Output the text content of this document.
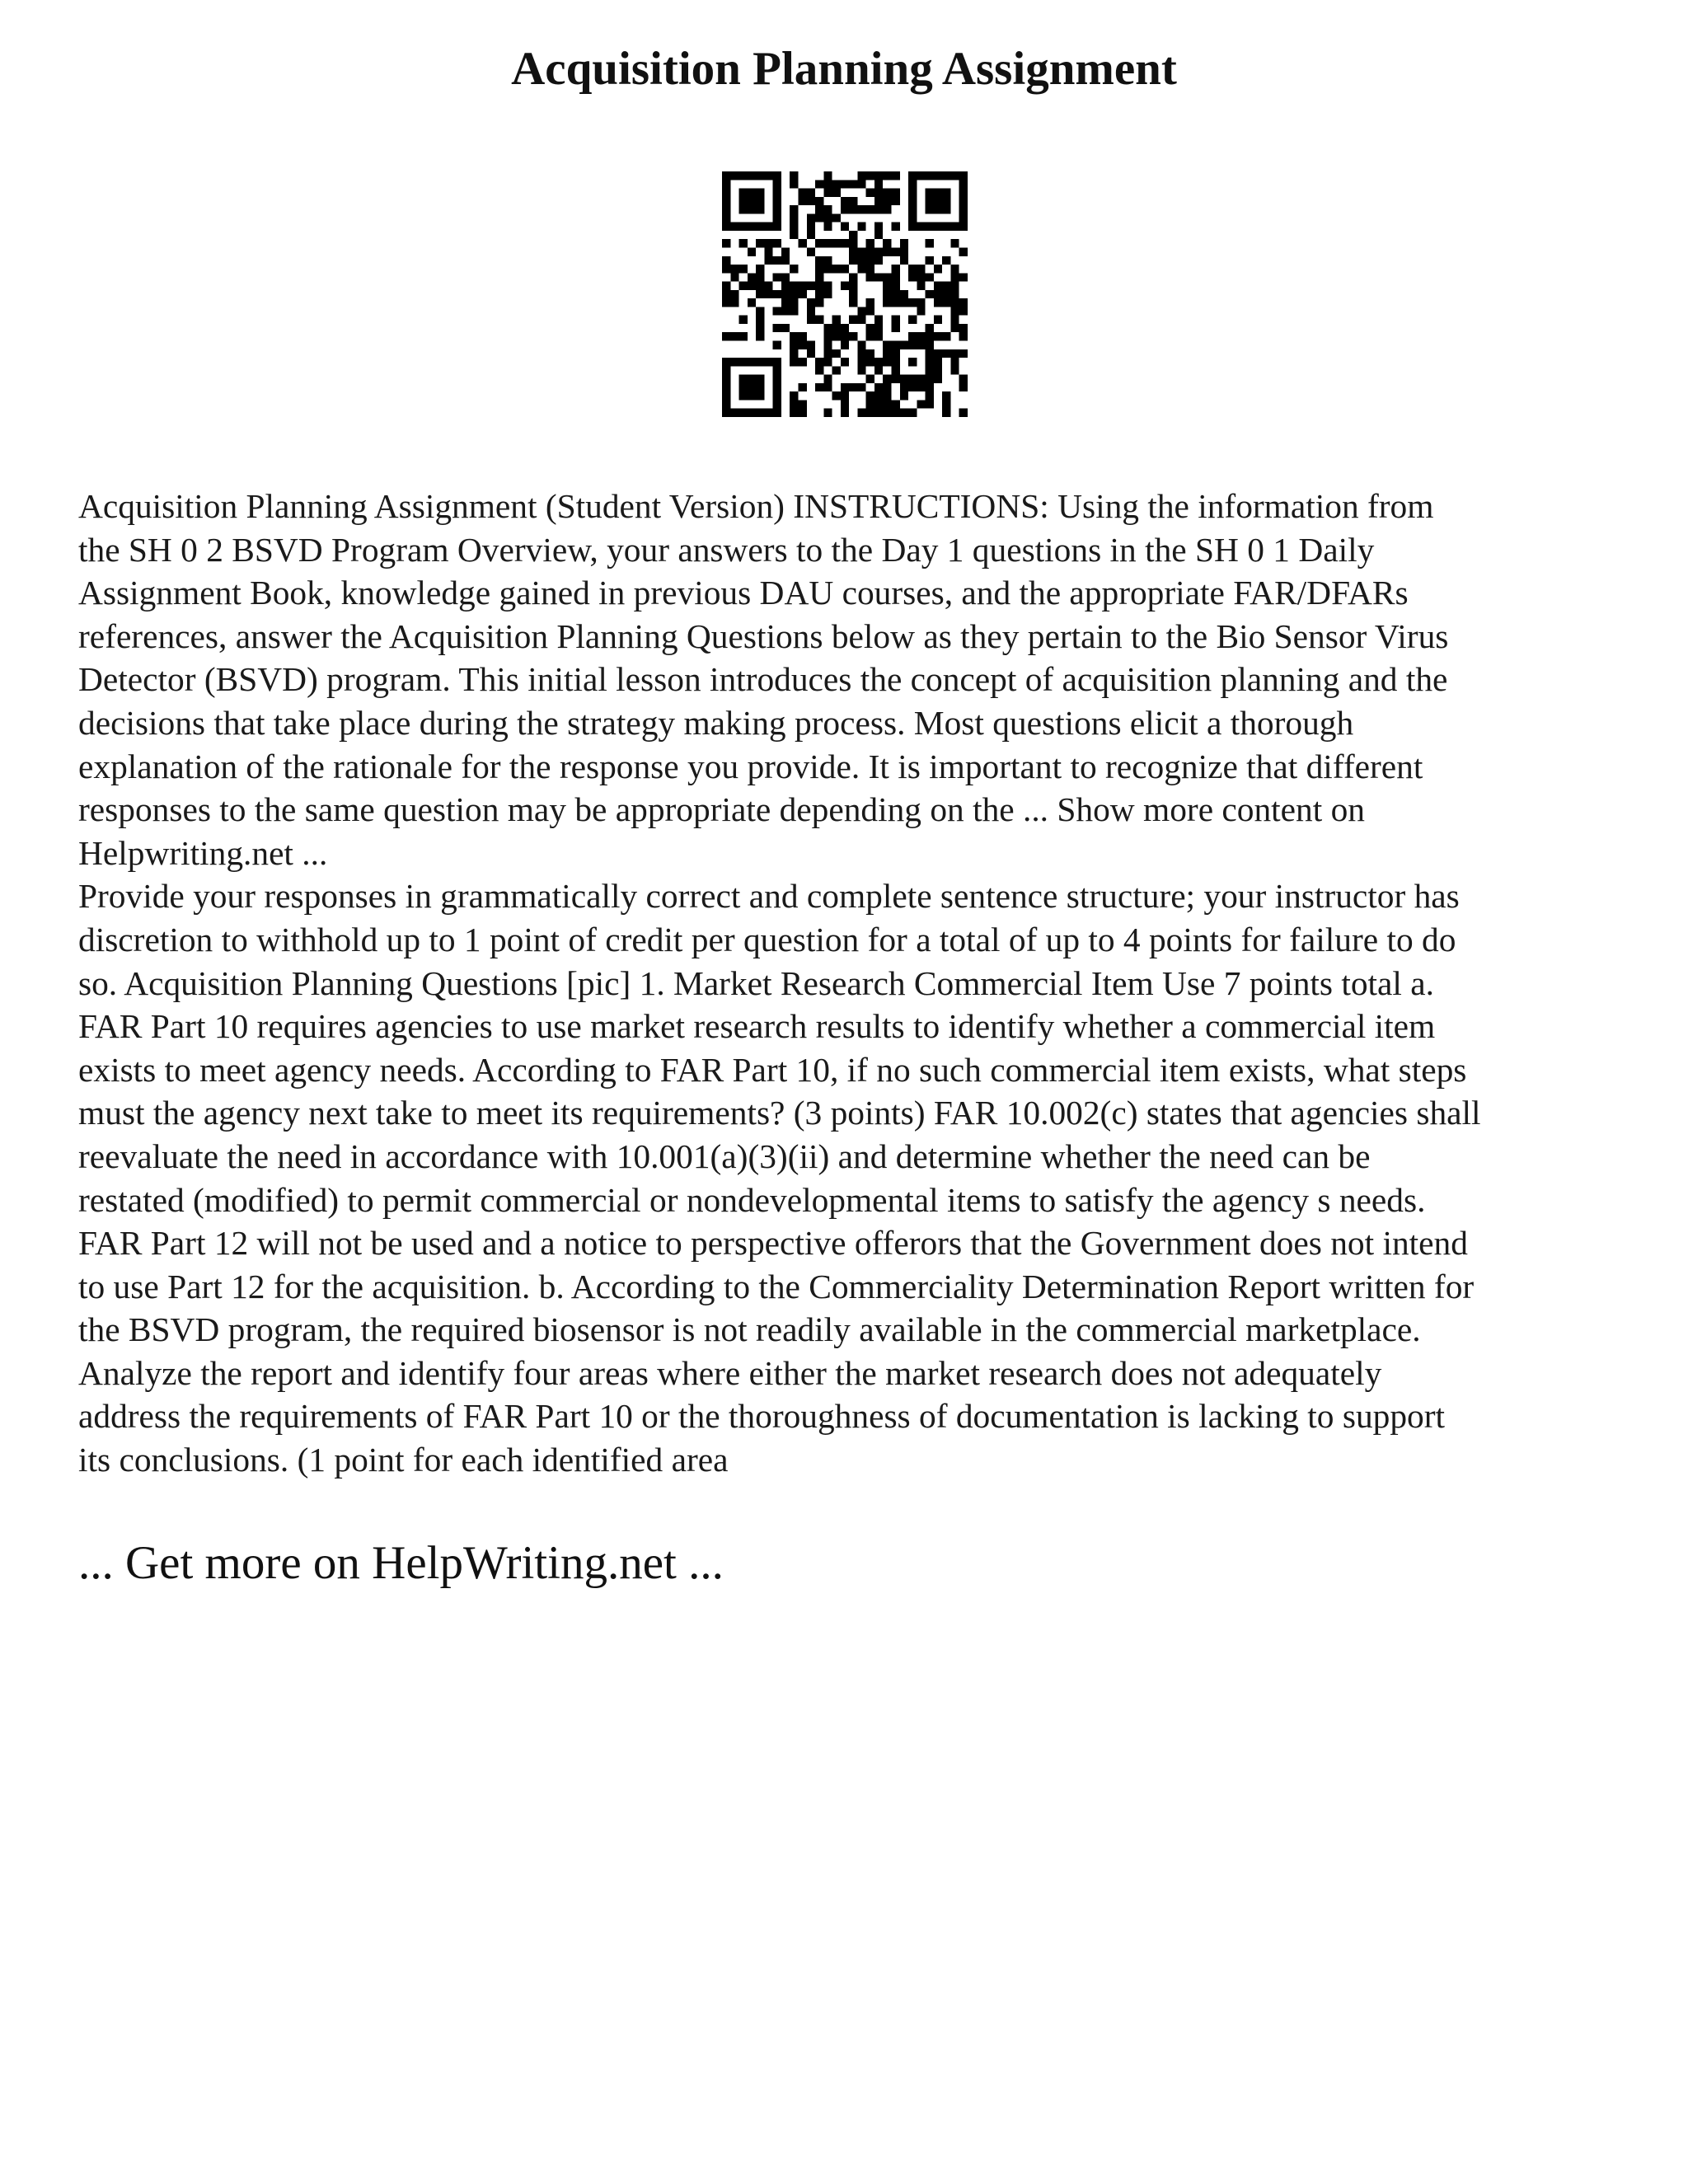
Acquisition Planning Assignment

Acquisition Planning Assignment (Student Version) INSTRUCTIONS: Using the information from
the SH 0 2 BSVD Program Overview, your answers to the Day 1 questions in the SH 0 1 Daily
Assignment Book, knowledge gained in previous DAU courses, and the appropriate FAR/DFARs
references, answer the Acquisition Planning Questions below as they pertain to the Bio Sensor Virus
Detector (BSVD) program. This initial lesson introduces the concept of acquisition planning and the
decisions that take place during the strategy making process. Most questions elicit a thorough
explanation of the rationale for the response you provide. It is important to recognize that different
responses to the same question may be appropriate depending on the ... Show more content on
Helpwriting.net ...

Provide your responses in grammatically correct and complete sentence structure; your instructor has
discretion to withhold up to 1 point of credit per question for a total of up to 4 points for failure to do
so. Acquisition Planning Questions [pic] 1. Market Research Commercial Item Use 7 points total a.
FAR Part 10 requires agencies to use market research results to identify whether a commercial item
exists to meet agency needs. According to FAR Part 10, if no such commercial item exists, what steps
must the agency next take to meet its requirements? (3 points) FAR 10.002(c) states that agencies shall
reevaluate the need in accordance with 10.001(a)(3)(ii) and determine whether the need can be
restated (modified) to permit commercial or nondevelopmental items to satisfy the agency s needs.
FAR Part 12 will not be used and a notice to perspective offerors that the Government does not intend
to use Part 12 for the acquisition. b. According to the Commerciality Determination Report written for
the BSVD program, the required biosensor is not readily available in the commercial marketplace.
Analyze the report and identify four areas where either the market research does not adequately
address the requirements of FAR Part 10 or the thoroughness of documentation is lacking to support
its conclusions. (1 point for each identified area

... Get more on HelpWriting.net ...
